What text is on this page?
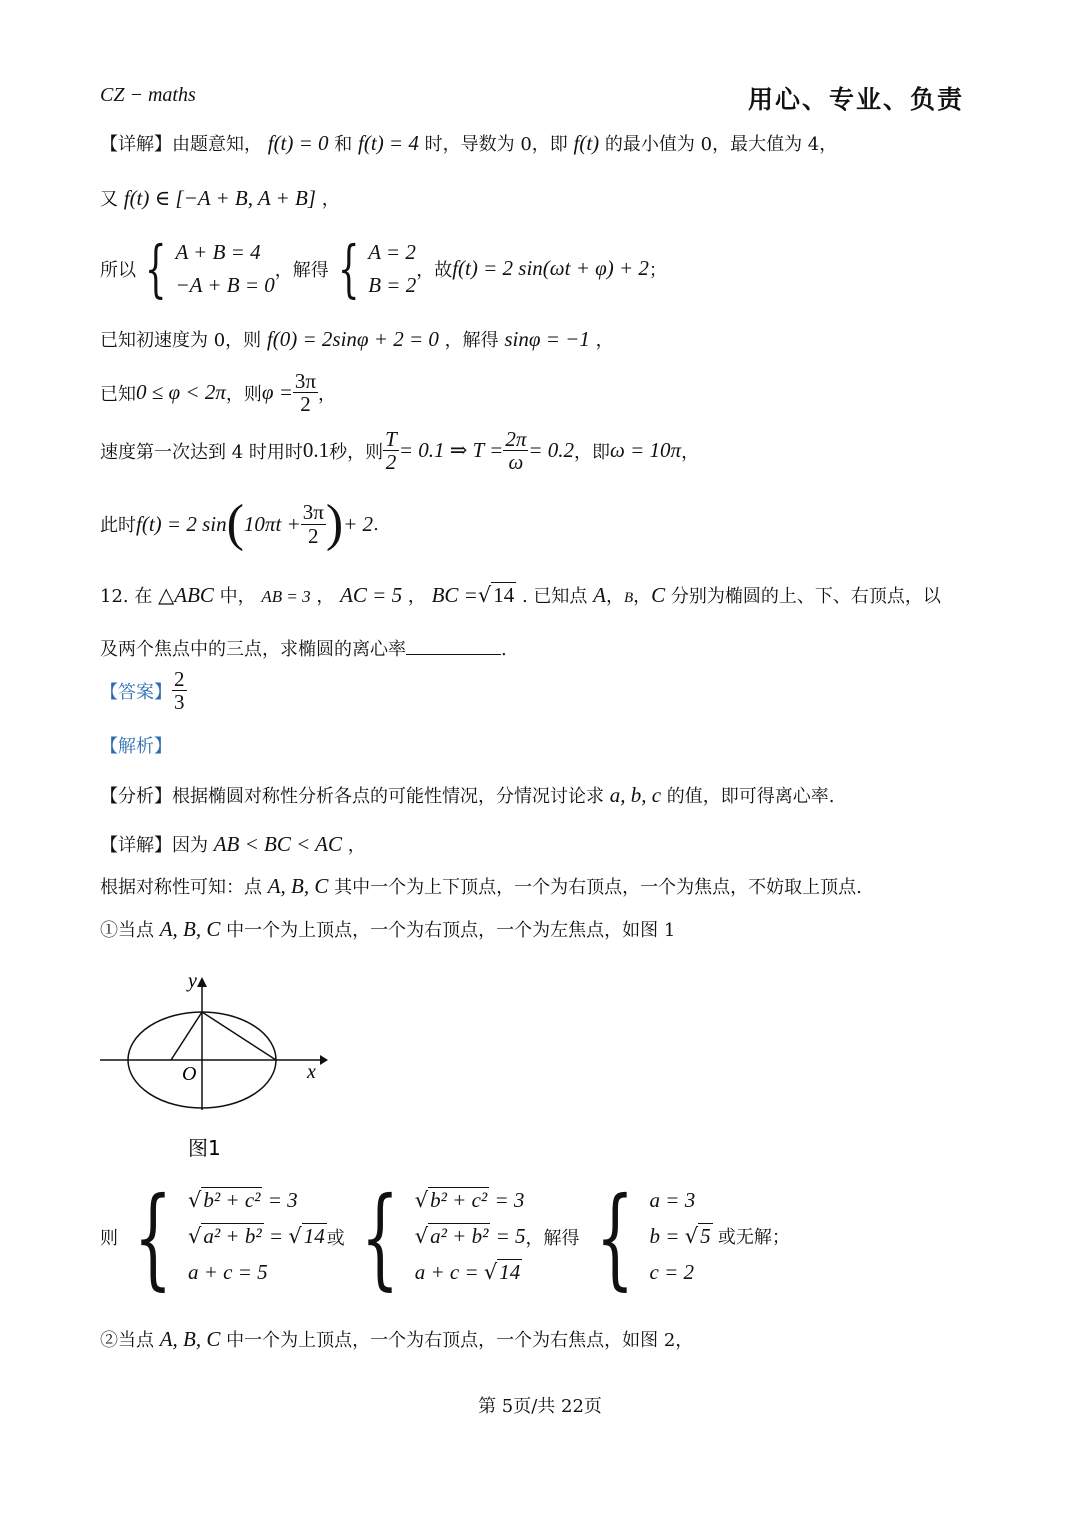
CZ − maths	用心、专业、负责
【详解】由题意知， f(t) = 0 和 f(t) = 4 时，导数为 0，即 f(t) 的最小值为 0，最大值为 4，
又 f(t) ∈ [−A + B, A + B] ，
所以 { A + B = 4
−A + B = 0
，解得 { A = 2
B = 2
，故 f(t) = 2 sin(ωt + φ) + 2 ；
已知初速度为 0，则 f(0) = 2sinφ + 2 = 0 ，解得 sinφ = −1 ，
已知 0 ≤ φ < 2π ，则 $\varphi = \frac{3\pi}{2}$ ，
速度第一次达到 4 时用时 0.1 秒，则 $\frac{T}{2} = 0.1$ ⇒ $T = \frac{2\pi}{\omega} = 0.2$ ，即 ω = 10π ，
此时 f(t) = 2 sin ( $10\pi t + \frac{3\pi}{2}$ ) + 2 .
12. 在 △ABC 中， AB = 3 ， AC = 5 ， BC =√14 . 已知点 A，B，C 分别为椭圆的上、下、右顶点，以
及两个焦点中的三点，求椭圆的离心率	.
【答案】 $\frac{2}{3}$
【解析】
【分析】根据椭圆对称性分析各点的可能性情况，分情况讨论求 a, b, c 的值，即可得离心率.
【详解】因为 AB < BC < AC ，
根据对称性可知：点 A, B, C 其中一个为上下顶点，一个为右顶点，一个为焦点，不妨取上顶点.
①当点 A, B, C 中一个为上顶点，一个为右顶点，一个为左焦点，如图 1
y
x
O
图1
则 { √b² + c² = 3
√a² + b² = √14
a + c = 5
或 { √b² + c² = 3
√a² + b² = 5
a + c = √14
，解得 { a = 3
b = √5 或无解；
c = 2
②当点 A, B, C 中一个为上顶点，一个为右顶点，一个为右焦点，如图 2，
第 5页/共 22页
